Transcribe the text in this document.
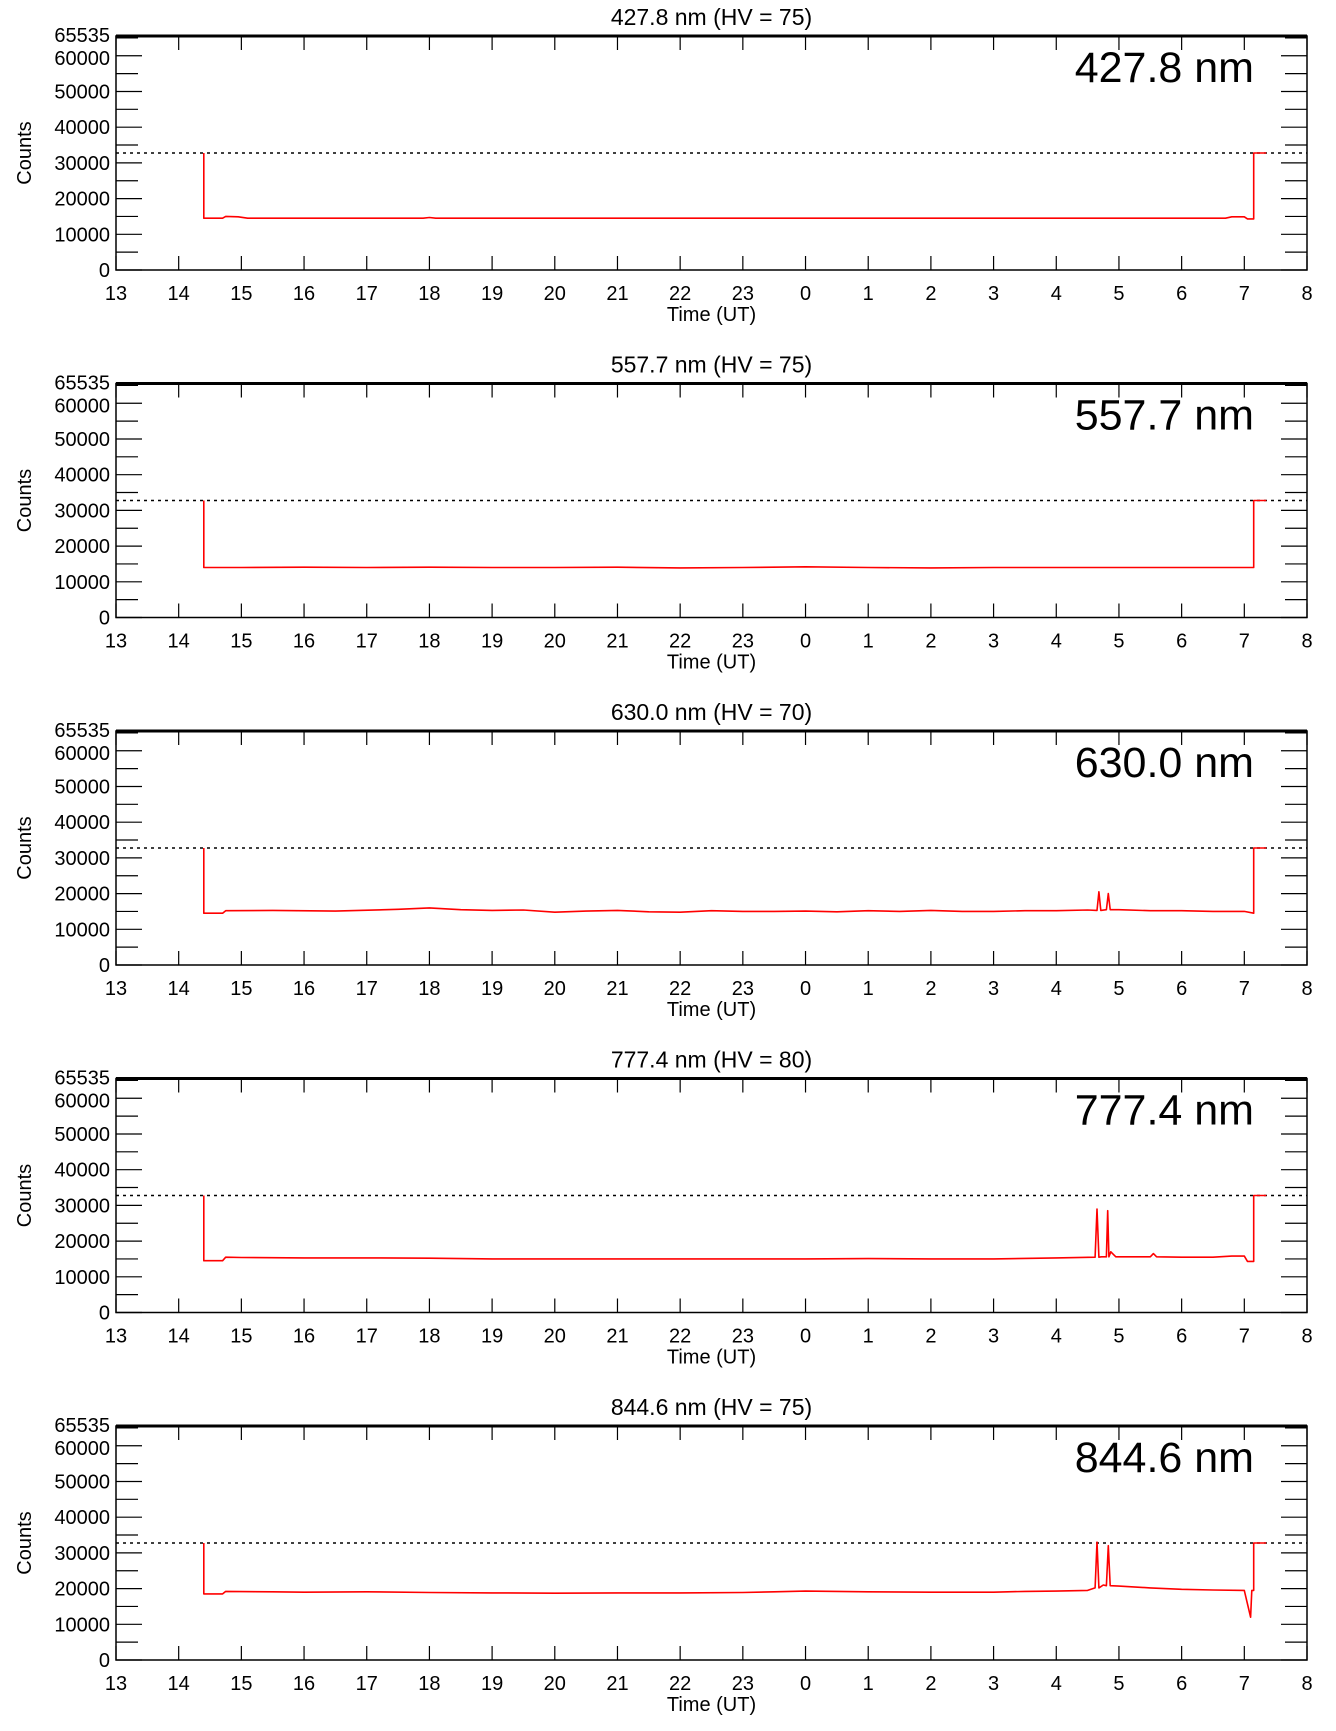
427.8 nm (HV = 75)
427.8 nm
13 14 15 16 17 18 19 20 21 22 23 0	1	2	3	4	5	6	7	8
Time (UT)
0
10000
20000
30000
40000
50000
60000
65535
Counts
557.7 nm (HV = 75)
557.7 nm
13 14 15 16 17 18 19 20 21 22 23 0	1	2	3	4	5	6	7	8
Time (UT)
0
10000
20000
30000
40000
50000
60000
65535
Counts
630.0 nm (HV = 70)
630.0 nm
13 14 15 16 17 18 19 20 21 22 23 0	1	2	3	4	5	6	7	8
Time (UT)
0
10000
20000
30000
40000
50000
60000
65535
Counts
777.4 nm (HV = 80)
777.4 nm
13 14 15 16 17 18 19 20 21 22 23 0	1	2	3	4	5	6	7	8
Time (UT)
0
10000
20000
30000
40000
50000
60000
65535
Counts
844.6 nm (HV = 75)
844.6 nm
13 14 15 16 17 18 19 20 21 22 23 0	1	2	3	4	5	6	7	8
Time (UT)
0
10000
20000
30000
40000
50000
60000
65535
Counts
